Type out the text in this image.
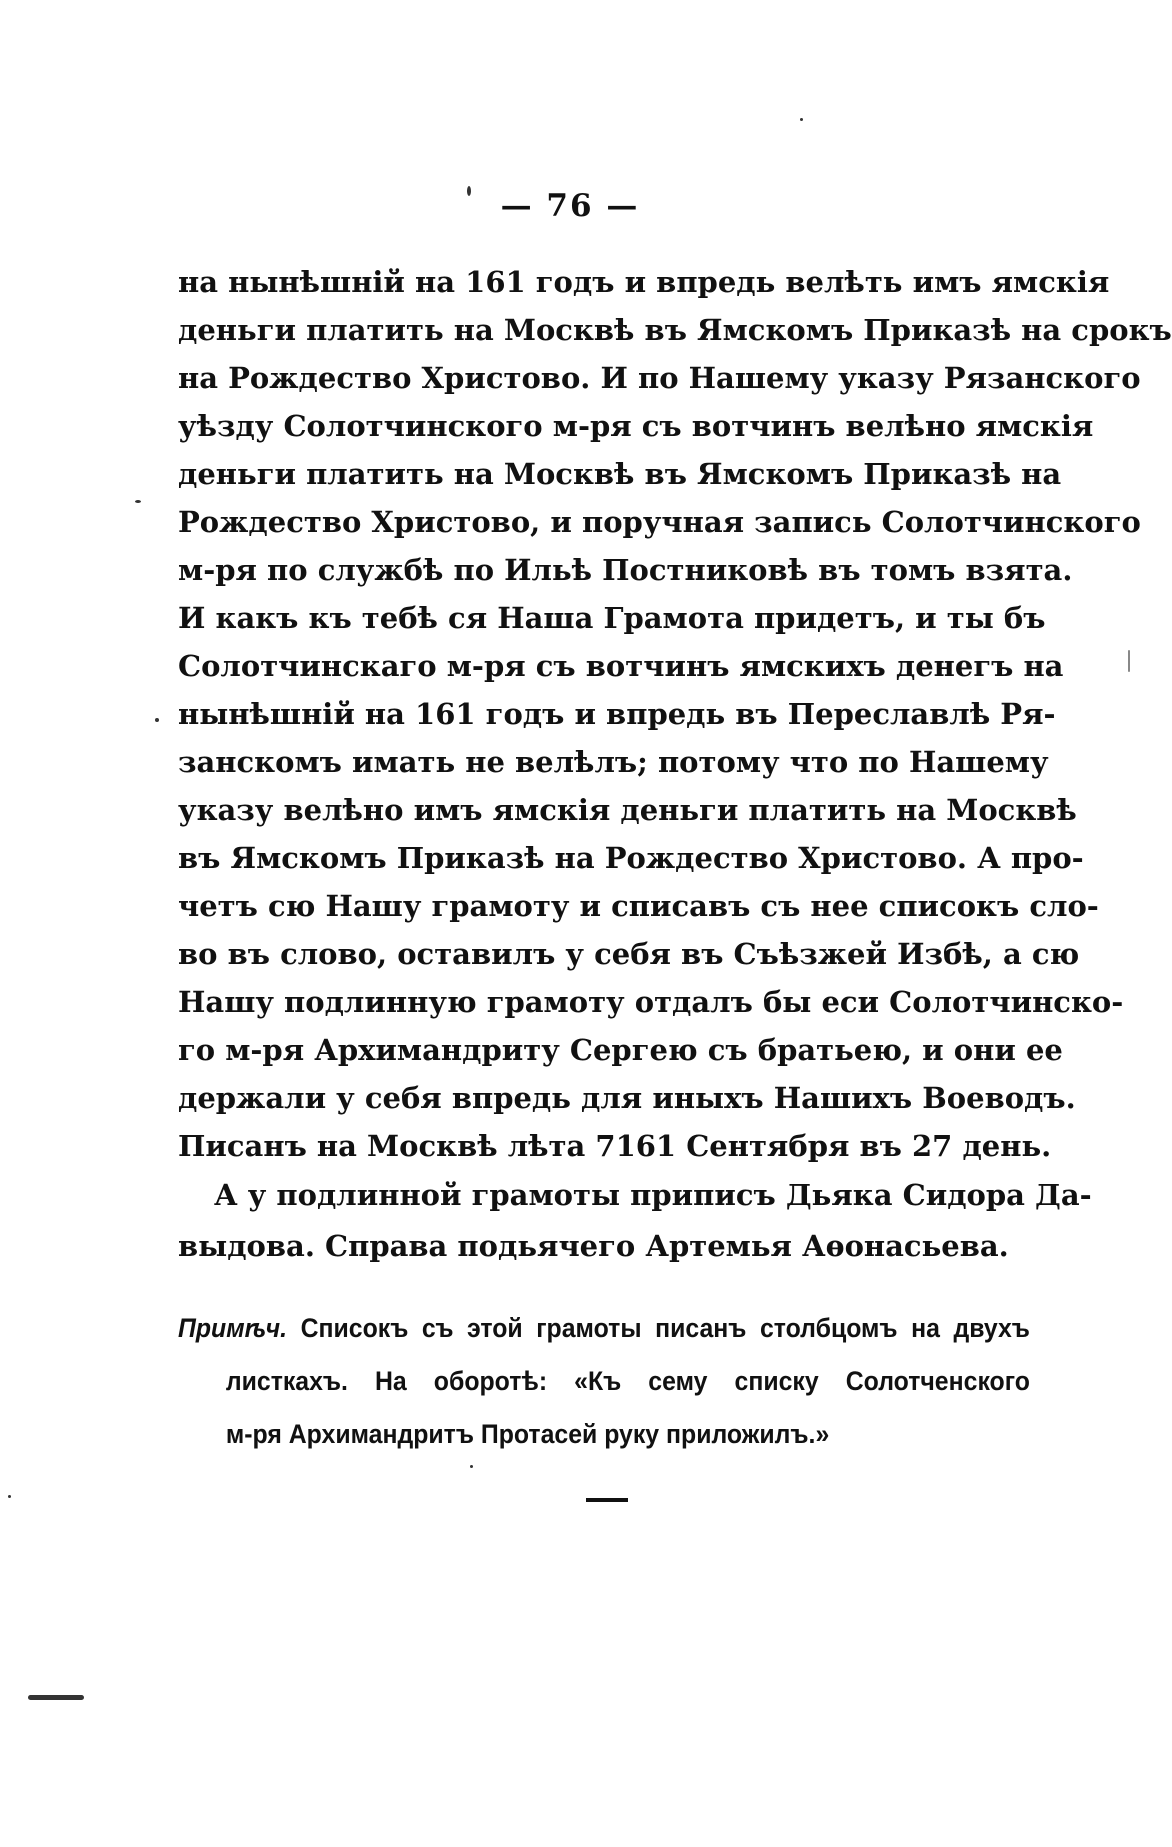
— 76 —
на нынѣшній на 161 годъ и впредь велѣть имъ ямскія
деньги платить на Москвѣ въ Ямскомъ Приказѣ на срокъ
на Рождество Христово. И по Нашему указу Рязанского
уѣзду Солотчинского м-ря съ вотчинъ велѣно ямскія
деньги платить на Москвѣ въ Ямскомъ Приказѣ на
Рождество Христово, и поручная запись Солотчинского
м-ря по службѣ по Ильѣ Постниковѣ въ томъ взята.
И какъ къ тебѣ ся Наша Грамота придетъ, и ты бъ
Солотчинскаго м-ря съ вотчинъ ямскихъ денегъ на
нынѣшній на 161 годъ и впредь въ Переславлѣ Ря-
занскомъ имать не велѣлъ; потому что по Нашему
указу велѣно имъ ямскія деньги платить на Москвѣ
въ Ямскомъ Приказѣ на Рождество Христово. А про-
четъ сю Нашу грамоту и списавъ съ нее списокъ сло-
во въ слово, оставилъ у себя въ Съѣзжей Избѣ, а сю
Нашу подлинную грамоту отдалъ бы еси Солотчинско-
го м-ря Архимандриту Сергею съ братьею, и они ее
держали у себя впредь для иныхъ Нашихъ Воеводъ.
Писанъ на Москвѣ лѣта 7161 Сентября въ 27 день.
А у подлинной грамоты приписъ Дьяка Сидора Да-
выдова. Справа подьячего Артемья Аѳонасьева.
Примѣч. Списокъ съ этой грамоты писанъ столбцомъ на двухъ
листкахъ. На оборотѣ: «Къ сему списку Солотченского
м-ря Архимандритъ Протасей руку приложилъ.»
